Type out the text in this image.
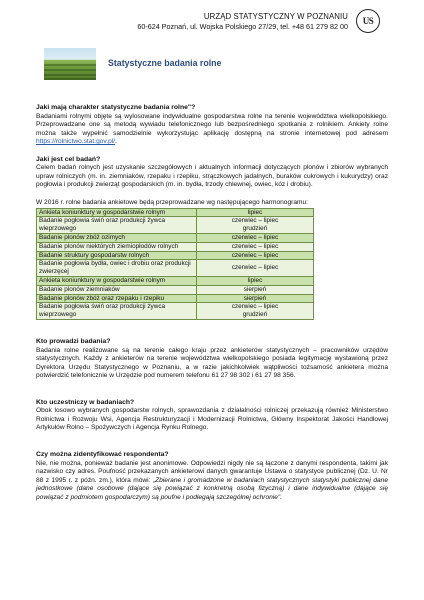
URZĄD STATYSTYCZNY W POZNANIU
60-624 Poznań, ul. Wojska Polskiego 27/29, tel. +48 61 279 82 00
US
Statystyczne badania rolne
Jaki mają charakter statystyczne badania rolne"?

Badaniami rolnymi objęte są wylosowane indywidualne gospodarstwa rolne na terenie województwa wielkopolskiego. Przeprowadzane one są metodą wywiadu telefonicznego lub bezpośredniego spotkania z rolnikiem. Ankiety rolne można także wypełnić samodzielnie wykorzystując aplikację dostępną na stronie internetowej pod adresem https://rolnictwo.stat.gov.pl/.

Jaki jest cel badań?

Celem badań rolnych jest uzyskanie szczegółowych i aktualnych informacji dotyczących plonów i zbiorów wybranych upraw rolniczych (m. in. ziemniaków, rzepaku i rzepiku, strączkowych jadalnych, buraków cukrowych i kukurydzy) oraz pogłowia i produkcji zwierząt gospodarskich (m. in. bydła, trzody chlewnej, owiec, kóz i drobiu).

W 2016 r. rolne badania ankietowe będą przeprowadzane wg następującego harmonogramu:

Ankieta koniunktury w gospodarstwie rolnym	lipiec

Badanie pogłowia świń oraz produkcji żywca wieprzowego	czerwiec – lipiec
grudzień

Badanie plonów zbóż ozimych	czerwiec – lipiec

Badanie plonów niektórych ziemiopłodów rolnych	czerwiec – lipiec

Badanie struktury gospodarstw rolnych	czerwiec – lipiec

Badanie pogłowia bydła, owiec i drobiu oraz produkcji zwierzęcej	czerwiec – lipiec

Ankieta koniunktury w gospodarstwie rolnym	lipiec

Badanie plonów ziemniaków	sierpień

Badanie plonów zbóż oraz rzepaku i rzepiku	sierpień

Badanie pogłowia świń oraz produkcji żywca wieprzowego	czerwiec – lipiec
grudzień
Kto prowadzi badania?

Badania rolne realizowane są na terenie całego kraju przez ankieterów statystycznych – pracowników urzędów statystycznych. Każdy z ankieterów na terenie województwa wielkopolskiego posiada legitymację wystawioną przez Dyrektora Urzędu Statystycznego w Poznaniu, a w razie jakichkolwiek wątpliwości tożsamość ankietera można potwierdzić telefonicznie w Urzędzie pod numerem telefonu 61 27 98 302 i 61 27 98 356.

Kto uczestniczy w badaniach?

Obok losowo wybranych gospodarstw rolnych, sprawozdania z działalności rolniczej przekazują również Ministerstwo Rolnictwa i Rozwoju Wsi, Agencja Restrukturyzacji i Modernizacji Rolnictwa, Główny Inspektorat Jakości Handlowej Artykułów Rolno – Spożywczych i Agencja Rynku Rolnego.

Czy można zidentyfikować respondenta?

Nie, nie można, ponieważ badanie jest anonimowe. Odpowiedzi nigdy nie są łączone z danymi respondenta, takimi jak nazwisko czy adres. Poufność przekazanych ankieterowi danych gwarantuje Ustawa o statystyce publicznej (Dz. U. Nr 88 z 1995 r. z późn. zm.), która mówi: „Zbierane i gromadzone w badaniach statystycznych statystyki publicznej dane jednostkowe (dane osobowe (dające się powiązać z konkretną osobą fizyczną) i dane indywidualne (dające się powiązać z podmiotem gospodarczym) są poufne i podlegają szczególnej ochronie".
